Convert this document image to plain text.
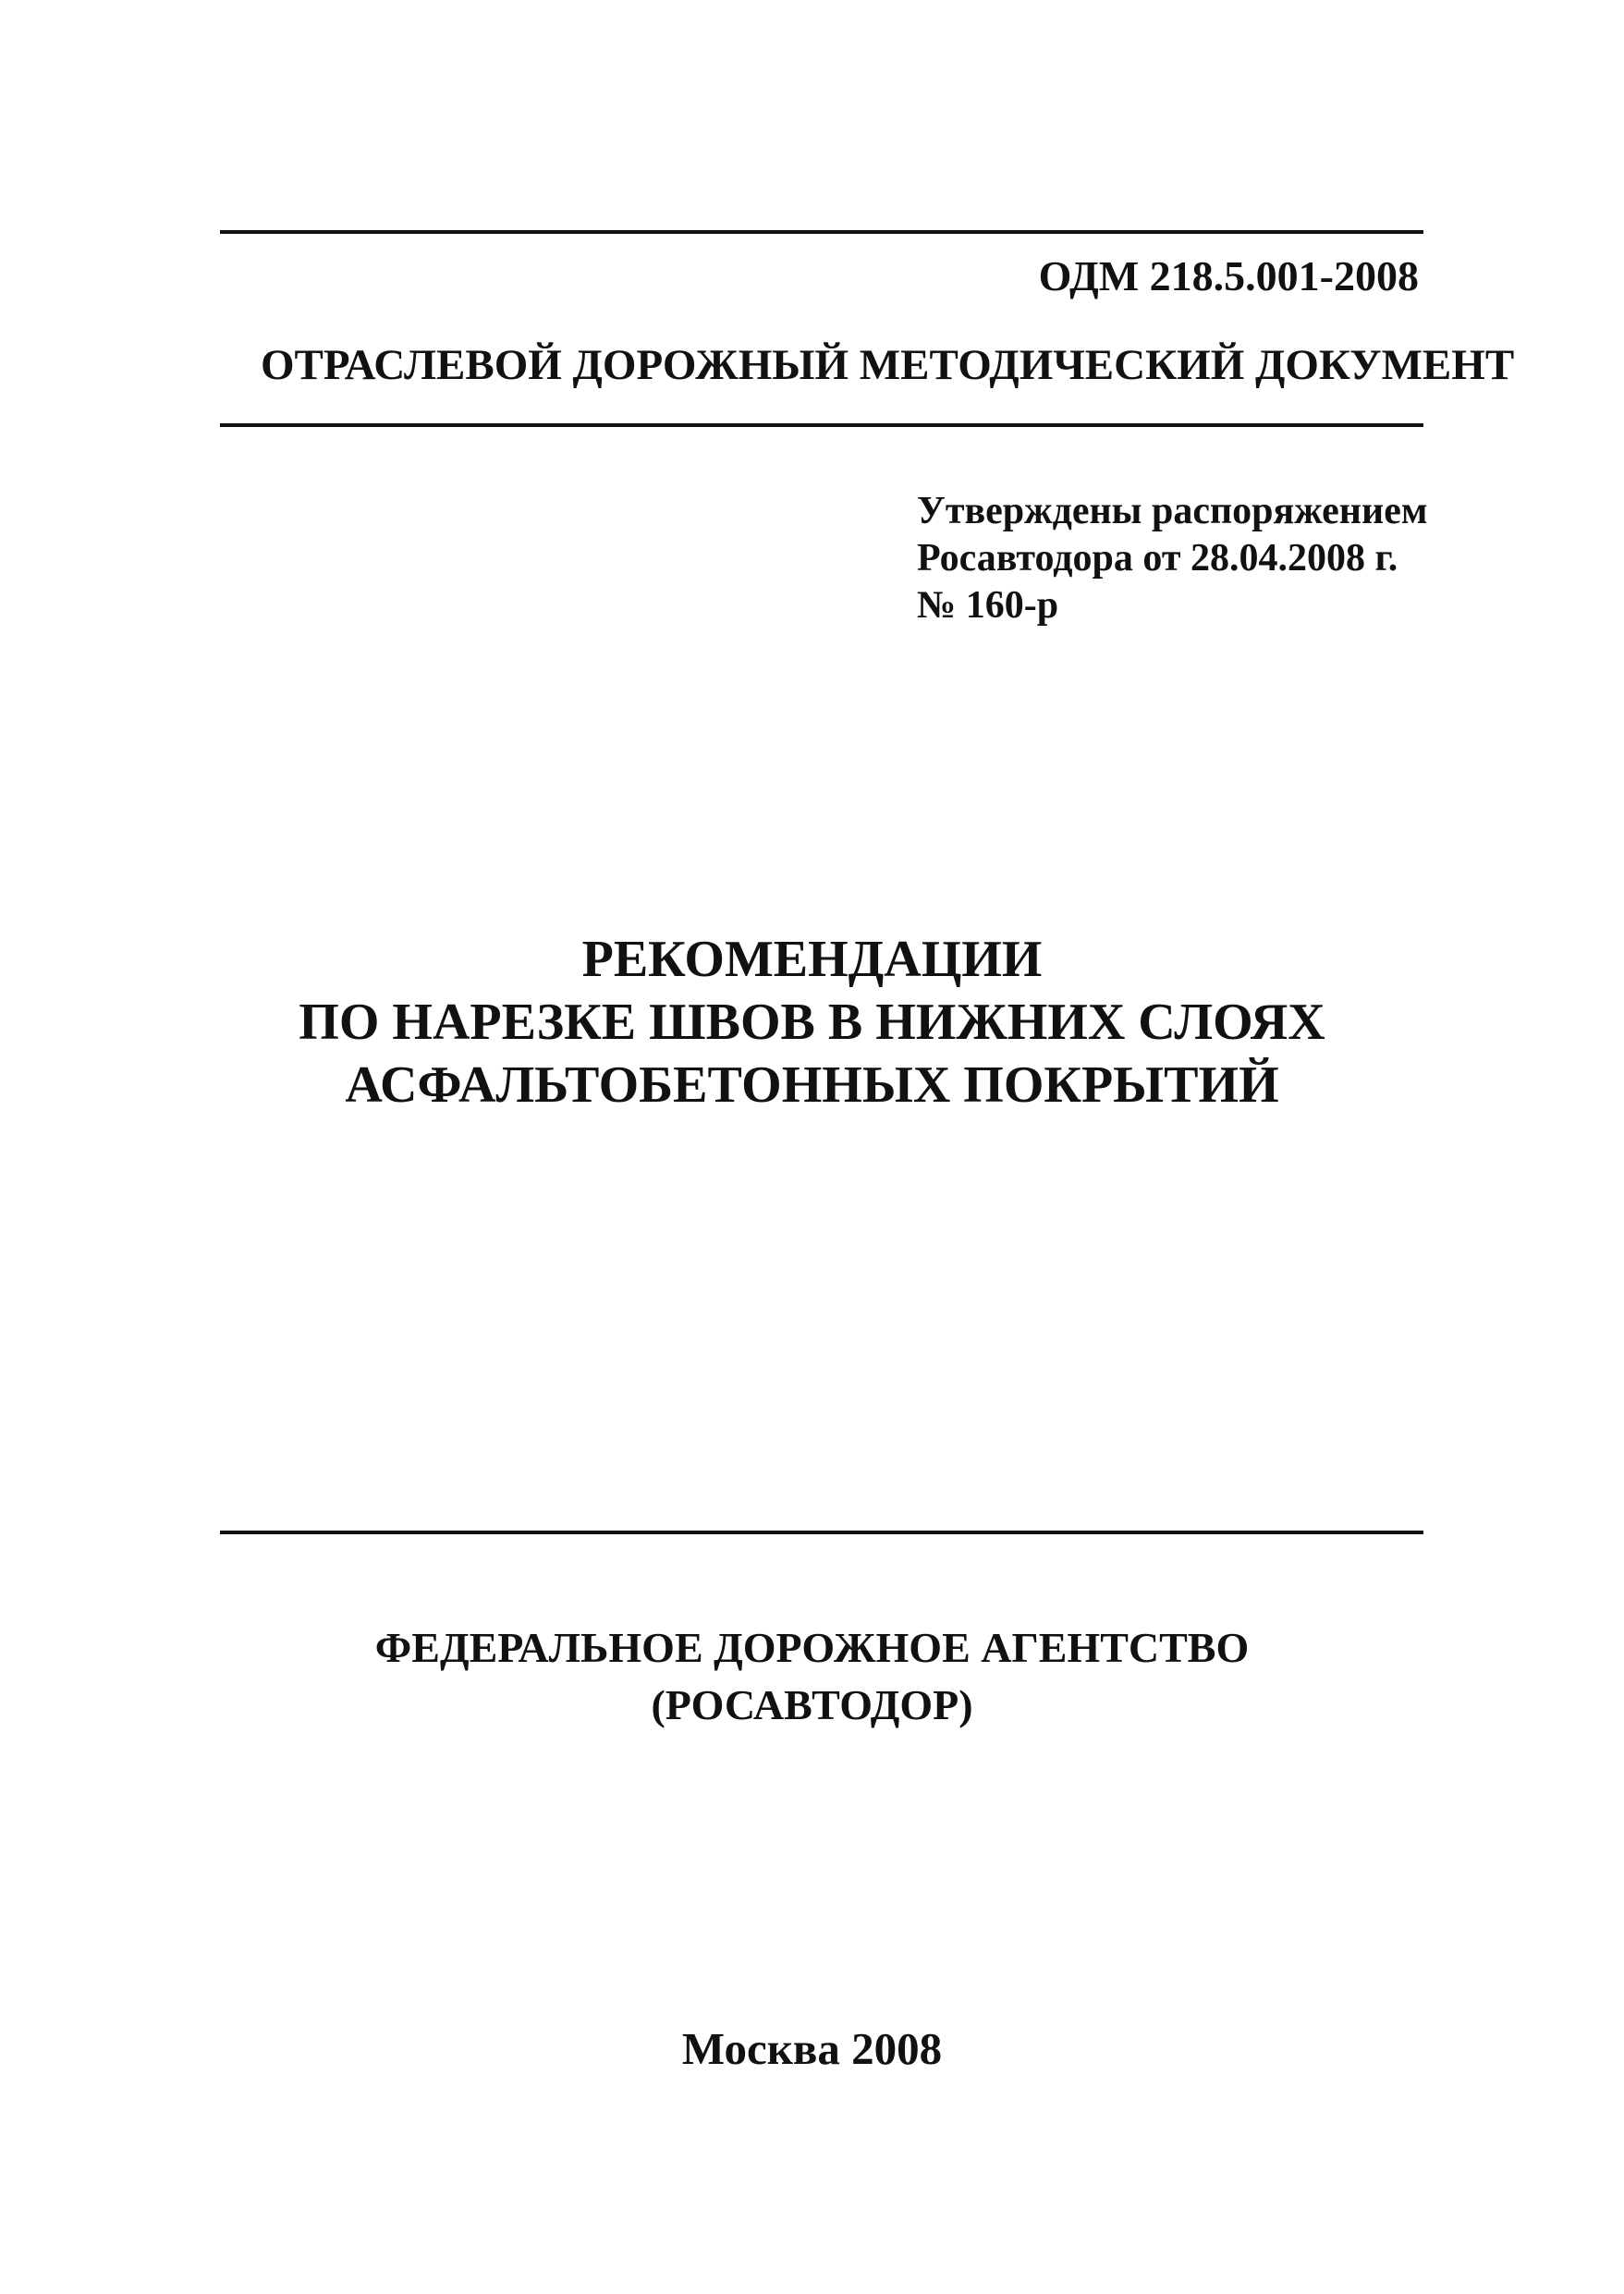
ОДМ 218.5.001-2008
ОТРАСЛЕВОЙ ДОРОЖНЫЙ МЕТОДИЧЕСКИЙ ДОКУМЕНТ
Утверждены распоряжением
Росавтодора от 28.04.2008 г.
№ 160-р
РЕКОМЕНДАЦИИ
ПО НАРЕЗКЕ ШВОВ В НИЖНИХ СЛОЯХ
АСФАЛЬТОБЕТОННЫХ ПОКРЫТИЙ
ФЕДЕРАЛЬНОЕ ДОРОЖНОЕ АГЕНТСТВО
(РОСАВТОДОР)
Москва 2008
